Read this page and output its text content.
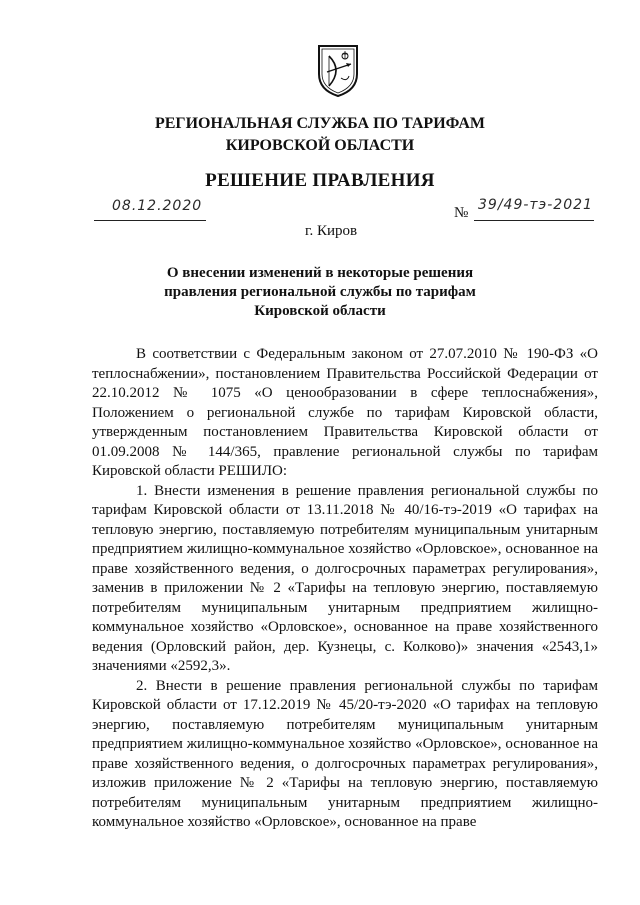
РЕГИОНАЛЬНАЯ СЛУЖБА ПО ТАРИФАМ
КИРОВСКОЙ ОБЛАСТИ
РЕШЕНИЕ ПРАВЛЕНИЯ
08.12.2020
г. Киров
№ 39/49-тэ-2021
О внесении изменений в некоторые решения
правления региональной службы по тарифам
Кировской области

В соответствии с Федеральным законом от 27.07.2010 № 190-ФЗ «О теплоснабжении», постановлением Правительства Российской Федерации от 22.10.2012 № 1075 «О ценообразовании в сфере теплоснабжения», Положением о региональной службе по тарифам Кировской области, утвержденным постановлением Правительства Кировской области от 01.09.2008 № 144/365, правление региональной службы по тарифам Кировской области РЕШИЛО:

1. Внести изменения в решение правления региональной службы по тарифам Кировской области от 13.11.2018 № 40/16-тэ-2019 «О тарифах на тепловую энергию, поставляемую потребителям муниципальным унитарным предприятием жилищно-коммунальное хозяйство «Орловское», основанное на праве хозяйственного ведения, о долгосрочных параметрах регулирования», заменив в приложении № 2 «Тарифы на тепловую энергию, поставляемую потребителям муниципальным унитарным предприятием жилищно-коммунальное хозяйство «Орловское», основанное на праве хозяйственного ведения (Орловский район, дер. Кузнецы, с. Колково)» значения «2543,1» значениями «2592,3».

2. Внести в решение правления региональной службы по тарифам Кировской области от 17.12.2019 № 45/20-тэ-2020 «О тарифах на тепловую энергию, поставляемую потребителям муниципальным унитарным предприятием жилищно-коммунальное хозяйство «Орловское», основанное на праве хозяйственного ведения, о долгосрочных параметрах регулирования», изложив приложение № 2 «Тарифы на тепловую энергию, поставляемую потребителям муниципальным унитарным предприятием жилищно-коммунальное хозяйство «Орловское», основанное на праве
